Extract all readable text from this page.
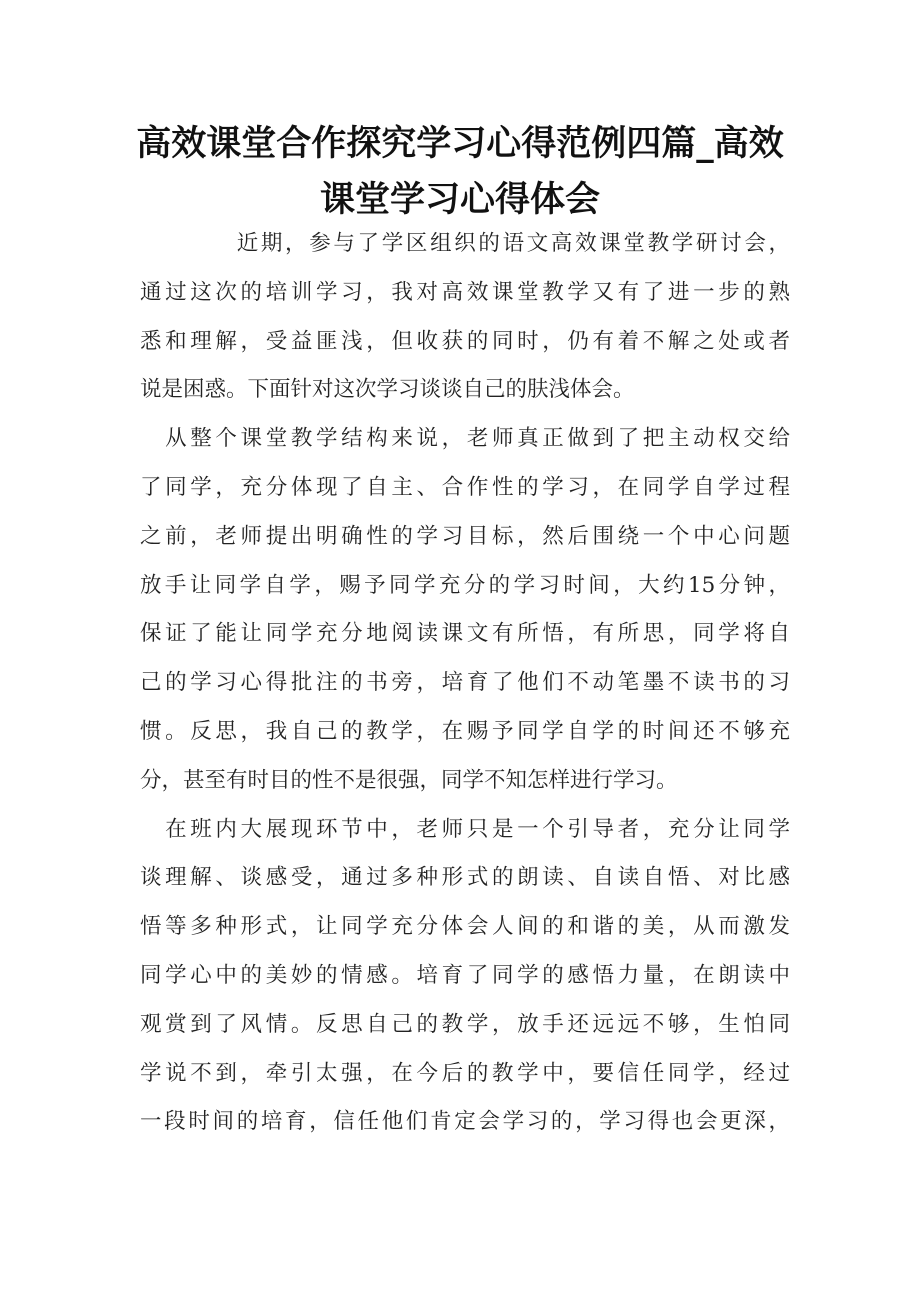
高效课堂合作探究学习心得范例四篇_高效
课堂学习心得体会
　　　　近期，参与了学区组织的语文高效课堂教学研讨会，
通过这次的培训学习，我对高效课堂教学又有了进一步的熟
悉和理解，受益匪浅，但收获的同时，仍有着不解之处或者
说是困惑。下面针对这次学习谈谈自己的肤浅体会。
　从整个课堂教学结构来说，老师真正做到了把主动权交给
了同学，充分体现了自主、合作性的学习，在同学自学过程
之前，老师提出明确性的学习目标，然后围绕一个中心问题
放手让同学自学，赐予同学充分的学习时间，大约15分钟，
保证了能让同学充分地阅读课文有所悟，有所思，同学将自
己的学习心得批注的书旁，培育了他们不动笔墨不读书的习
惯。反思，我自己的教学，在赐予同学自学的时间还不够充
分，甚至有时目的性不是很强，同学不知怎样进行学习。
　在班内大展现环节中，老师只是一个引导者，充分让同学
谈理解、谈感受，通过多种形式的朗读、自读自悟、对比感
悟等多种形式，让同学充分体会人间的和谐的美，从而激发
同学心中的美妙的情感。培育了同学的感悟力量，在朗读中
观赏到了风情。反思自己的教学，放手还远远不够，生怕同
学说不到，牵引太强，在今后的教学中，要信任同学，经过
一段时间的培育，信任他们肯定会学习的，学习得也会更深，
